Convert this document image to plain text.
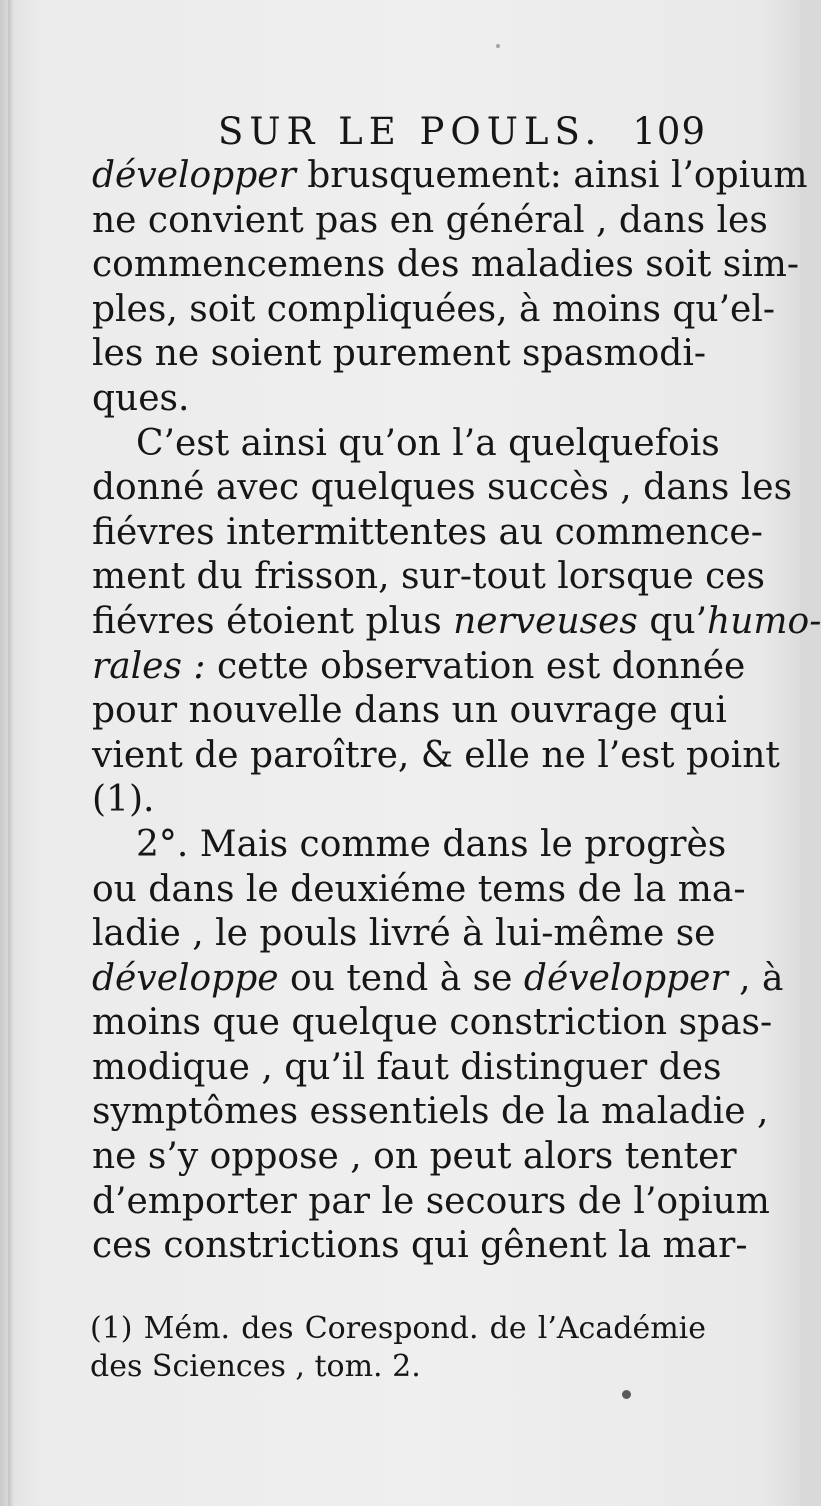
SUR LE POULS. 109
développer brusquement: ainsi l’opium
ne convient pas en général , dans les
commencemens des maladies soit sim-
ples, soit compliquées, à moins qu’el-
les ne soient purement spasmodi-
ques.
C’est ainsi qu’on l’a quelquefois
donné avec quelques succès , dans les
fiévres intermittentes au commence-
ment du frisson, sur-tout lorsque ces
fiévres étoient plus nerveuses qu’humo-
rales : cette observation est donnée
pour nouvelle dans un ouvrage qui
vient de paroître, & elle ne l’est point
(1).
2°. Mais comme dans le progrès
ou dans le deuxiéme tems de la ma-
ladie , le pouls livré à lui-même se
développe ou tend à se développer , à
moins que quelque constriction spas-
modique , qu’il faut distinguer des
symptômes essentiels de la maladie ,
ne s’y oppose , on peut alors tenter
d’emporter par le secours de l’opium
ces constrictions qui gênent la mar-
(1) Mém. des Corespond. de l’Académie
des Sciences , tom. 2.
